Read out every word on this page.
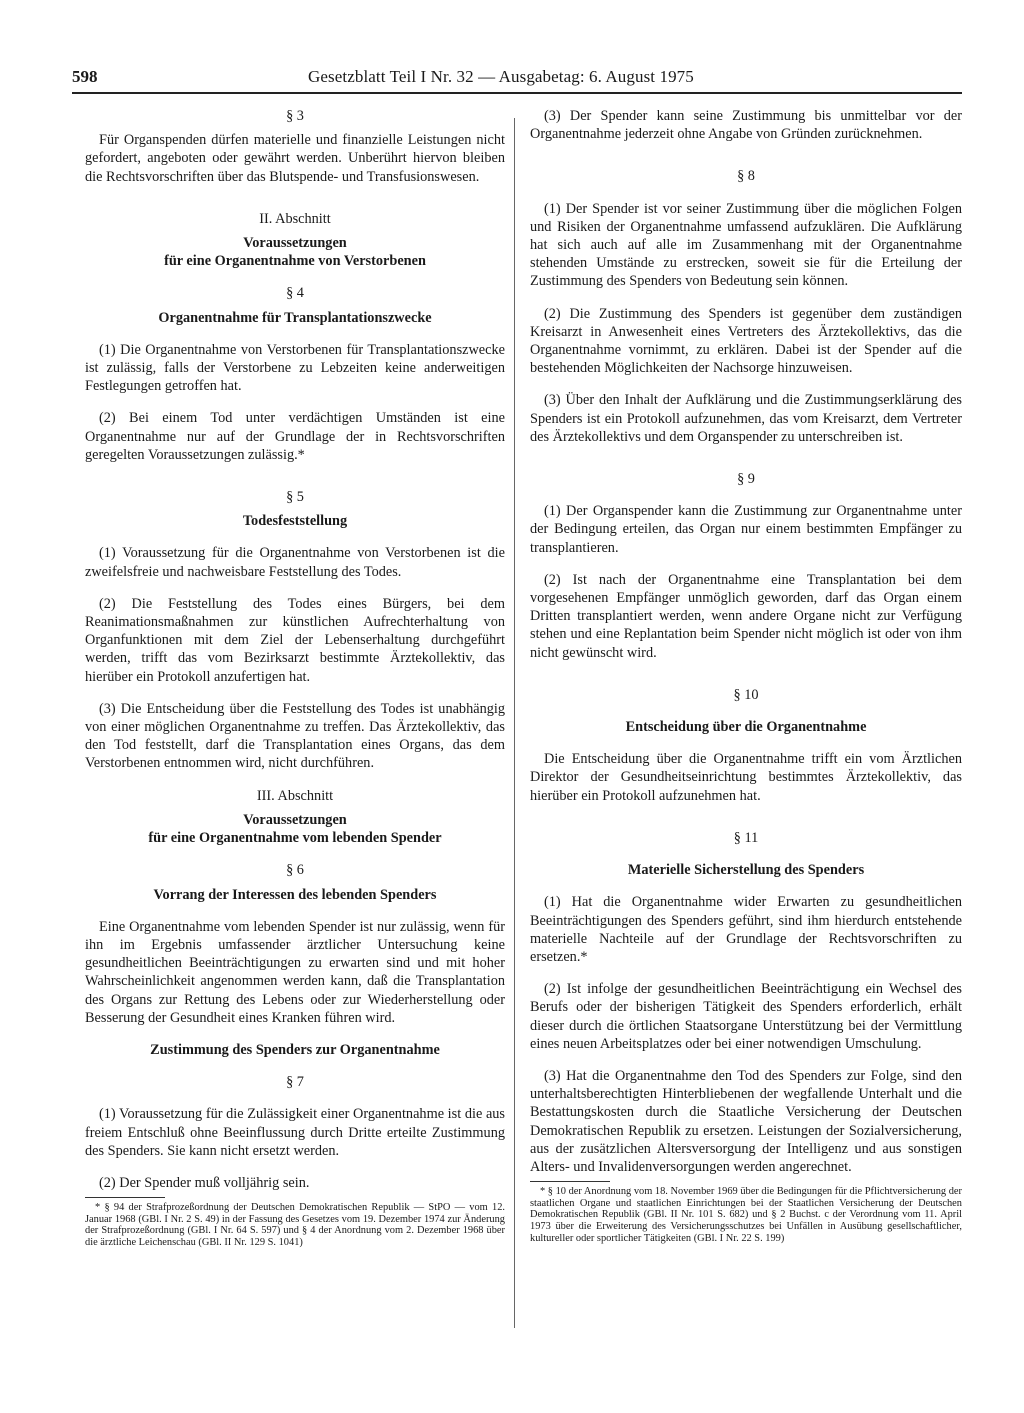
598	Gesetzblatt Teil I Nr. 32 — Ausgabetag: 6. August 1975
§ 3

Für Organspenden dürfen materielle und finanzielle Leistungen nicht gefordert, angeboten oder gewährt werden. Unberührt hiervon bleiben die Rechtsvorschriften über das Blutspende- und Transfusionswesen.

II. Abschnitt
Voraussetzungen
für eine Organentnahme von Verstorbenen
§ 4
Organentnahme für Transplantationszwecke

(1) Die Organentnahme von Verstorbenen für Transplantationszwecke ist zulässig, falls der Verstorbene zu Lebzeiten keine anderweitigen Festlegungen getroffen hat.

(2) Bei einem Tod unter verdächtigen Umständen ist eine Organentnahme nur auf der Grundlage der in Rechtsvorschriften geregelten Voraussetzungen zulässig.*

§ 5
Todesfeststellung

(1) Voraussetzung für die Organentnahme von Verstorbenen ist die zweifelsfreie und nachweisbare Feststellung des Todes.

(2) Die Feststellung des Todes eines Bürgers, bei dem Reanimationsmaßnahmen zur künstlichen Aufrechterhaltung von Organfunktionen mit dem Ziel der Lebenserhaltung durchgeführt werden, trifft das vom Bezirksarzt bestimmte Ärztekollektiv, das hierüber ein Protokoll anzufertigen hat.

(3) Die Entscheidung über die Feststellung des Todes ist unabhängig von einer möglichen Organentnahme zu treffen. Das Ärztekollektiv, das den Tod feststellt, darf die Transplantation eines Organs, das dem Verstorbenen entnommen wird, nicht durchführen.

III. Abschnitt
Voraussetzungen
für eine Organentnahme vom lebenden Spender
§ 6
Vorrang der Interessen des lebenden Spenders

Eine Organentnahme vom lebenden Spender ist nur zulässig, wenn für ihn im Ergebnis umfassender ärztlicher Untersuchung keine gesundheitlichen Beeinträchtigungen zu erwarten sind und mit hoher Wahrscheinlichkeit angenommen werden kann, daß die Transplantation des Organs zur Rettung des Lebens oder zur Wiederherstellung oder Besserung der Gesundheit eines Kranken führen wird.

Zustimmung des Spenders zur Organentnahme
§ 7

(1) Voraussetzung für die Zulässigkeit einer Organentnahme ist die aus freiem Entschluß ohne Beeinflussung durch Dritte erteilte Zustimmung des Spenders. Sie kann nicht ersetzt werden.

(2) Der Spender muß volljährig sein.

* § 94 der Strafprozeßordnung der Deutschen Demokratischen Republik — StPO — vom 12. Januar 1968 (GBl. I Nr. 2 S. 49) in der Fassung des Gesetzes vom 19. Dezember 1974 zur Änderung der Strafprozeßordnung (GBl. I Nr. 64 S. 597) und § 4 der Anordnung vom 2. Dezember 1968 über die ärztliche Leichenschau (GBl. II Nr. 129 S. 1041)

(3) Der Spender kann seine Zustimmung bis unmittelbar vor der Organentnahme jederzeit ohne Angabe von Gründen zurücknehmen.

§ 8

(1) Der Spender ist vor seiner Zustimmung über die möglichen Folgen und Risiken der Organentnahme umfassend aufzuklären. Die Aufklärung hat sich auch auf alle im Zusammenhang mit der Organentnahme stehenden Umstände zu erstrecken, soweit sie für die Erteilung der Zustimmung des Spenders von Bedeutung sein können.

(2) Die Zustimmung des Spenders ist gegenüber dem zuständigen Kreisarzt in Anwesenheit eines Vertreters des Ärztekollektivs, das die Organentnahme vornimmt, zu erklären. Dabei ist der Spender auf die bestehenden Möglichkeiten der Nachsorge hinzuweisen.

(3) Über den Inhalt der Aufklärung und die Zustimmungserklärung des Spenders ist ein Protokoll aufzunehmen, das vom Kreisarzt, dem Vertreter des Ärztekollektivs und dem Organspender zu unterschreiben ist.

§ 9

(1) Der Organspender kann die Zustimmung zur Organentnahme unter der Bedingung erteilen, das Organ nur einem bestimmten Empfänger zu transplantieren.

(2) Ist nach der Organentnahme eine Transplantation bei dem vorgesehenen Empfänger unmöglich geworden, darf das Organ einem Dritten transplantiert werden, wenn andere Organe nicht zur Verfügung stehen und eine Replantation beim Spender nicht möglich ist oder von ihm nicht gewünscht wird.

§ 10
Entscheidung über die Organentnahme

Die Entscheidung über die Organentnahme trifft ein vom Ärztlichen Direktor der Gesundheitseinrichtung bestimmtes Ärztekollektiv, das hierüber ein Protokoll aufzunehmen hat.

§ 11
Materielle Sicherstellung des Spenders

(1) Hat die Organentnahme wider Erwarten zu gesundheitlichen Beeinträchtigungen des Spenders geführt, sind ihm hierdurch entstehende materielle Nachteile auf der Grundlage der Rechtsvorschriften zu ersetzen.*

(2) Ist infolge der gesundheitlichen Beeinträchtigung ein Wechsel des Berufs oder der bisherigen Tätigkeit des Spenders erforderlich, erhält dieser durch die örtlichen Staatsorgane Unterstützung bei der Vermittlung eines neuen Arbeitsplatzes oder bei einer notwendigen Umschulung.

(3) Hat die Organentnahme den Tod des Spenders zur Folge, sind den unterhaltsberechtigten Hinterbliebenen der wegfallende Unterhalt und die Bestattungskosten durch die Staatliche Versicherung der Deutschen Demokratischen Republik zu ersetzen. Leistungen der Sozialversicherung, aus der zusätzlichen Altersversorgung der Intelligenz und aus sonstigen Alters- und Invalidenversorgungen werden angerechnet.

* § 10 der Anordnung vom 18. November 1969 über die Bedingungen für die Pflichtversicherung der staatlichen Organe und staatlichen Einrichtungen bei der Staatlichen Versicherung der Deutschen Demokratischen Republik (GBl. II Nr. 101 S. 682) und § 2 Buchst. c der Verordnung vom 11. April 1973 über die Erweiterung des Versicherungsschutzes bei Unfällen in Ausübung gesellschaftlicher, kultureller oder sportlicher Tätigkeiten (GBl. I Nr. 22 S. 199)
